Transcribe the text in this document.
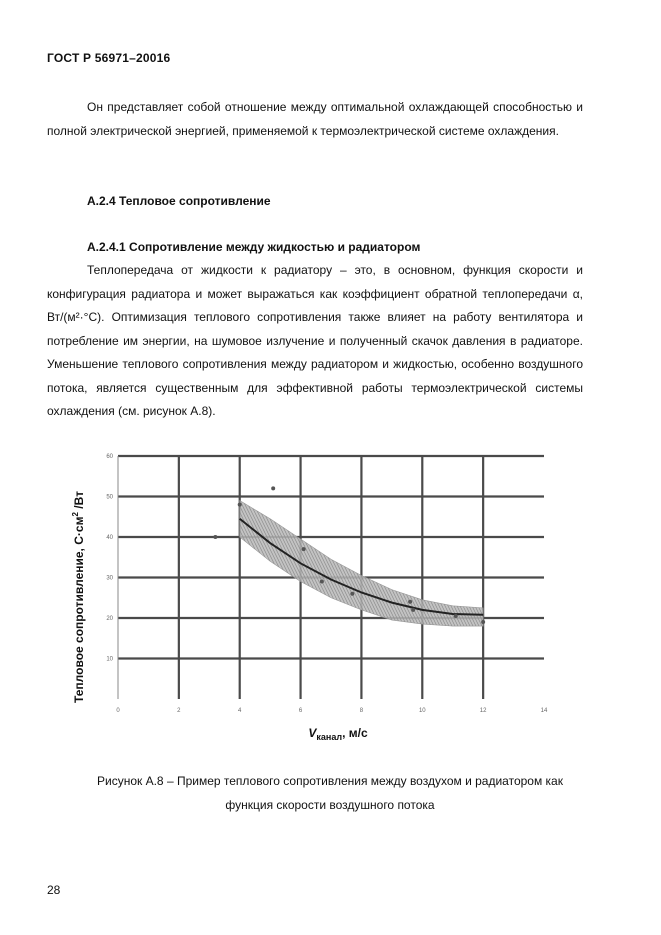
ГОСТ Р 56971–20016

Он представляет собой отношение между оптимальной охлаждающей способностью и полной электрической энергией, применяемой к термоэлектрической системе охлаждения.

А.2.4 Тепловое сопротивление
А.2.4.1 Сопротивление между жидкостью и радиатором

Теплопередача от жидкости к радиатору – это, в основном, функция скорости и конфигурация радиатора и может выражаться как коэффициент обратной теплопередачи α, Вт/(м²·°С). Оптимизация теплового сопротивления также влияет на работу вентилятора и потребление им энергии, на шумовое излучение и полученный скачок давления в радиаторе. Уменьшение теплового сопротивления между радиатором и жидкостью, особенно воздушного потока, является существенным для эффективной работы термоэлектрической системы охлаждения (см. рисунок А.8).

0	2	4	6	8	10	12	14
10
20
30
40
50
60
Тепловое сопротивление, $С\cdot см^2$ /Вт
$V_{канал}$, м/с
Рисунок А.8 – Пример теплового сопротивления между воздухом и радиатором как
функция скорости воздушного потока
28
